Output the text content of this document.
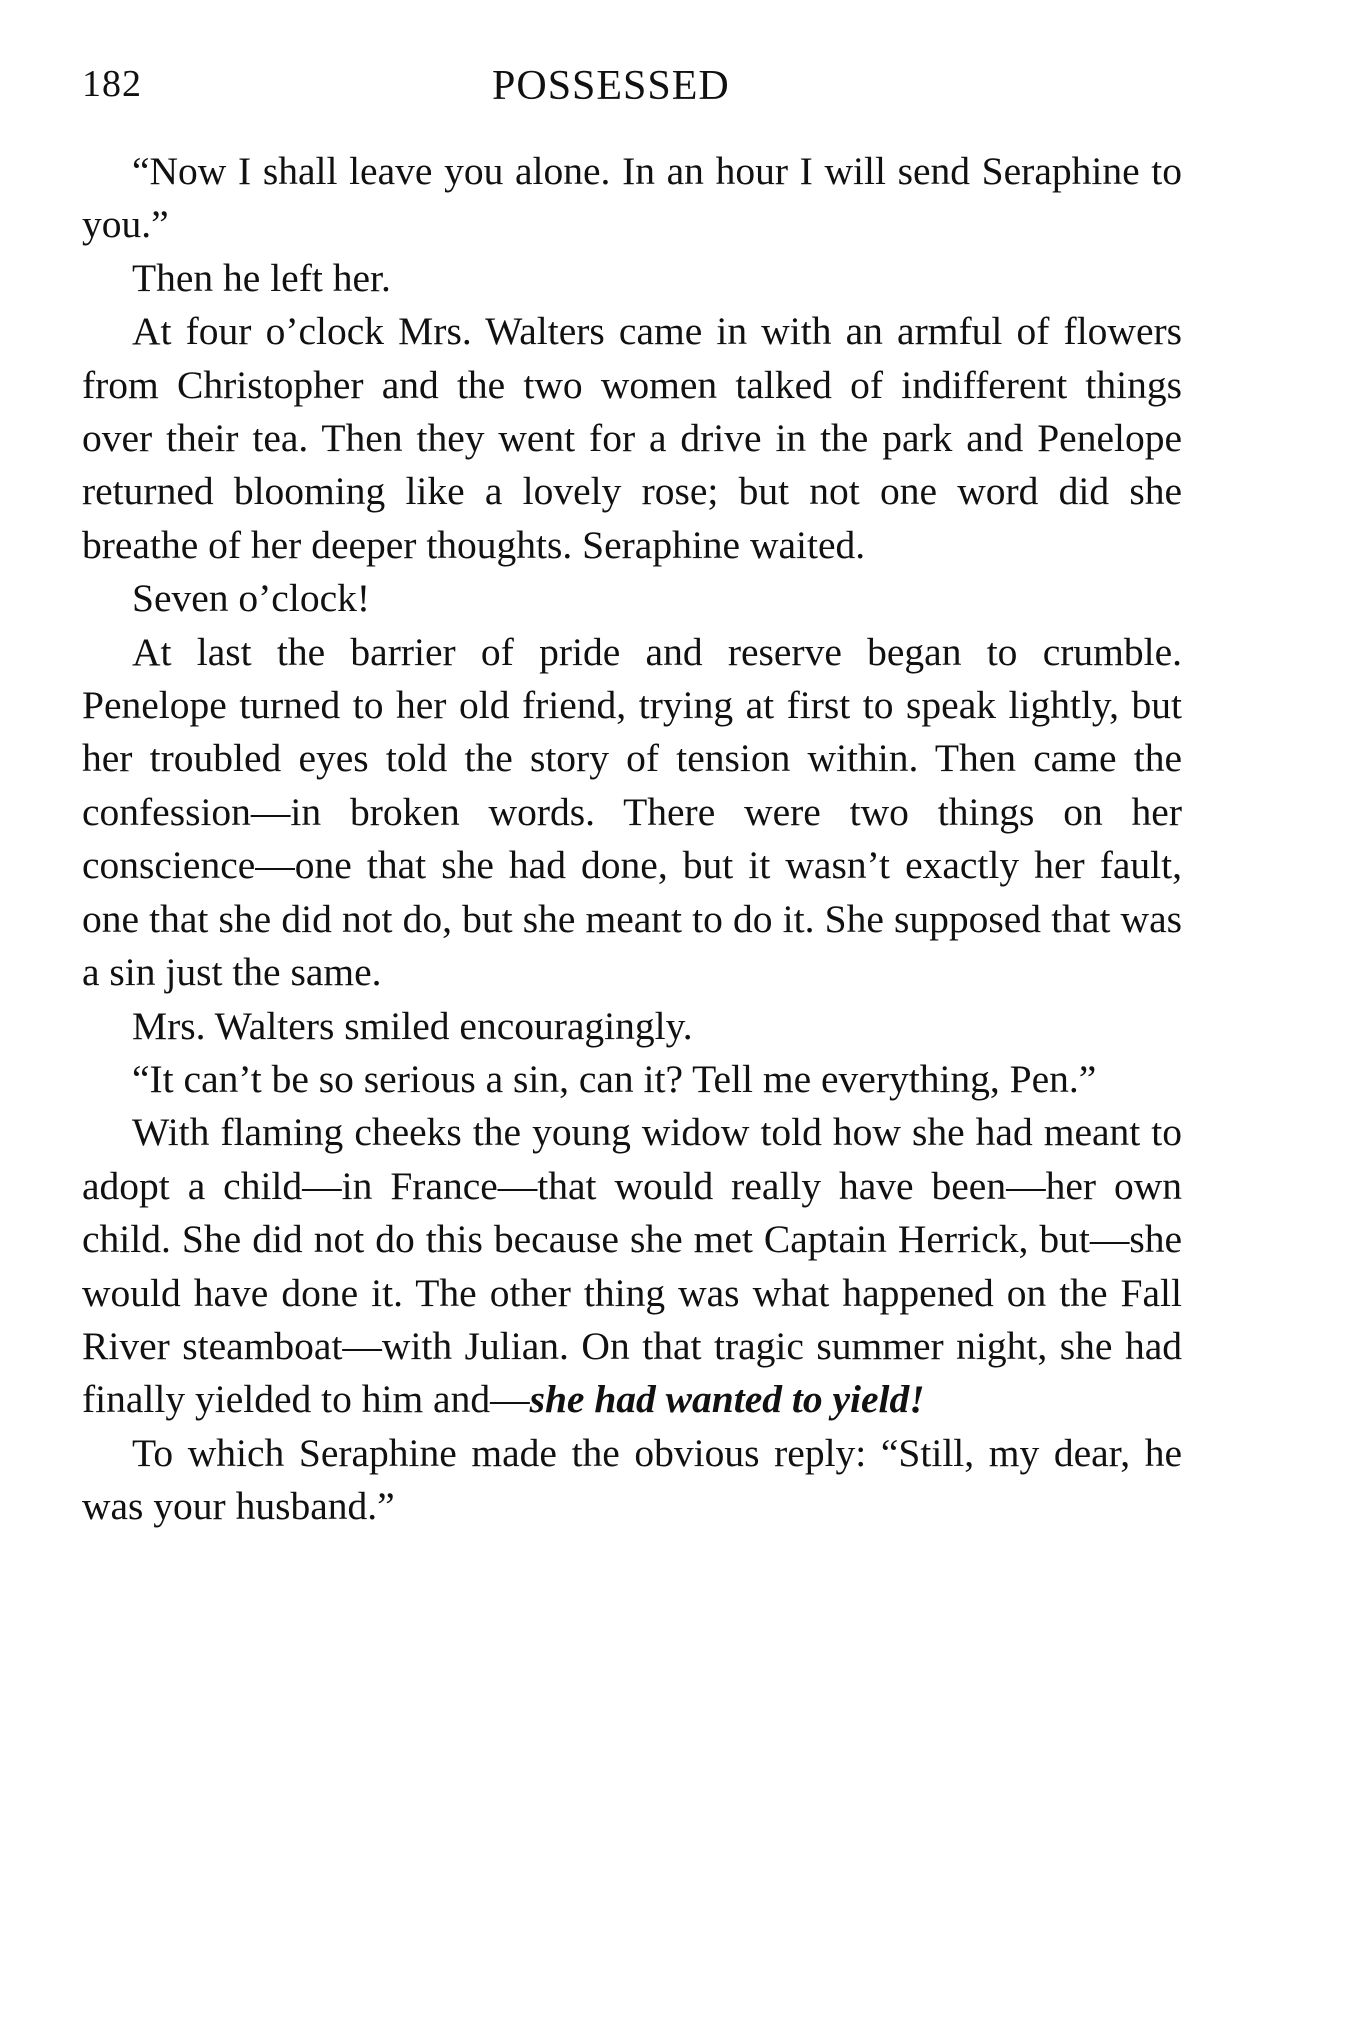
182	POSSESSED

“Now I shall leave you alone. In an hour I will send Seraphine to you.”

Then he left her.

At four o’clock Mrs. Walters came in with an armful of flowers from Christopher and the two women talked of indifferent things over their tea. Then they went for a drive in the park and Penelope returned blooming like a lovely rose; but not one word did she breathe of her deeper thoughts. Seraphine waited.

Seven o’clock!

At last the barrier of pride and reserve began to crumble. Penelope turned to her old friend, trying at first to speak lightly, but her troubled eyes told the story of tension within. Then came the confession—in broken words. There were two things on her conscience—one that she had done, but it wasn’t exactly her fault, one that she did not do, but she meant to do it. She supposed that was a sin just the same.

Mrs. Walters smiled encouragingly.

“It can’t be so serious a sin, can it? Tell me everything, Pen.”

With flaming cheeks the young widow told how she had meant to adopt a child—in France—that would really have been—her own child. She did not do this because she met Captain Herrick, but—she would have done it. The other thing was what happened on the Fall River steamboat—with Julian. On that tragic summer night, she had finally yielded to him and—she had wanted to yield!

To which Seraphine made the obvious reply: “Still, my dear, he was your husband.”
